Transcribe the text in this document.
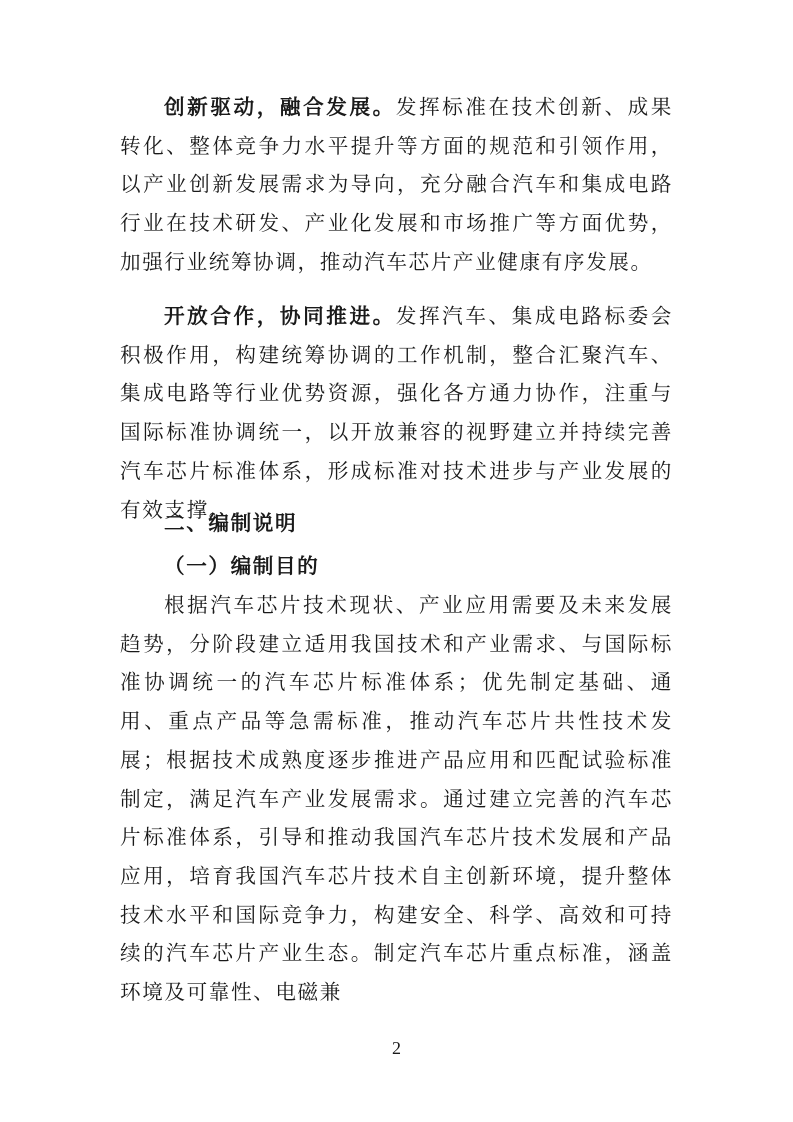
创新驱动，融合发展。发挥标准在技术创新、成果转化、整体竞争力水平提升等方面的规范和引领作用，以产业创新发展需求为导向，充分融合汽车和集成电路行业在技术研发、产业化发展和市场推广等方面优势，加强行业统筹协调，推动汽车芯片产业健康有序发展。

开放合作，协同推进。发挥汽车、集成电路标委会积极作用，构建统筹协调的工作机制，整合汇聚汽车、集成电路等行业优势资源，强化各方通力协作，注重与国际标准协调统一，以开放兼容的视野建立并持续完善汽车芯片标准体系，形成标准对技术进步与产业发展的有效支撑。

二、编制说明
（一）编制目的

根据汽车芯片技术现状、产业应用需要及未来发展趋势，分阶段建立适用我国技术和产业需求、与国际标准协调统一的汽车芯片标准体系；优先制定基础、通用、重点产品等急需标准，推动汽车芯片共性技术发展；根据技术成熟度逐步推进产品应用和匹配试验标准制定，满足汽车产业发展需求。通过建立完善的汽车芯片标准体系，引导和推动我国汽车芯片技术发展和产品应用，培育我国汽车芯片技术自主创新环境，提升整体技术水平和国际竞争力，构建安全、科学、高效和可持续的汽车芯片产业生态。制定汽车芯片重点标准，涵盖环境及可靠性、电磁兼

2
